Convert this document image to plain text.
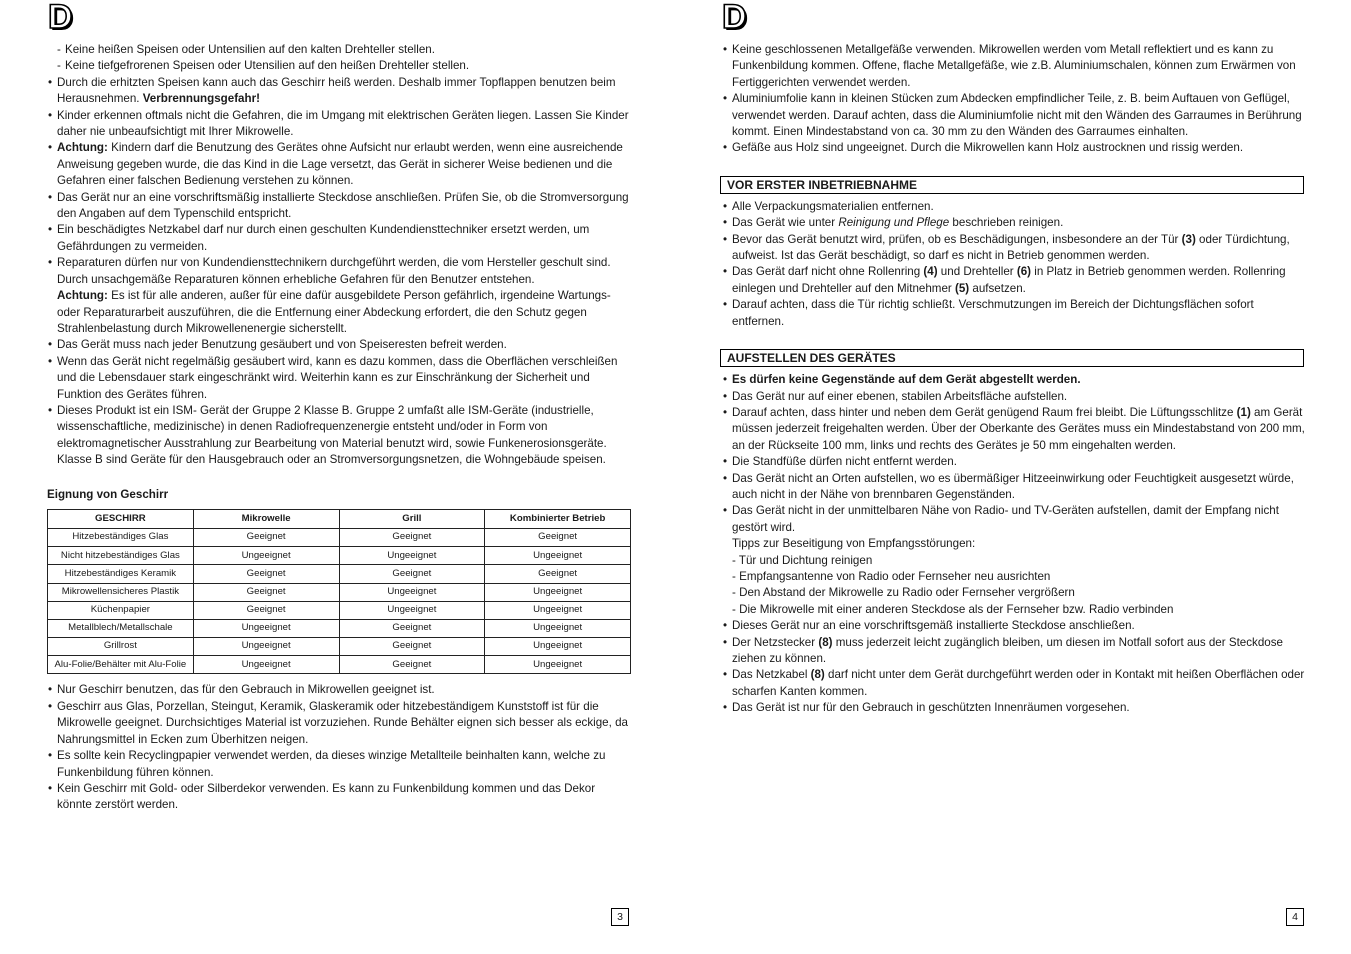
D
- Keine heißen Speisen oder Untensilien auf den kalten Drehteller stellen.
- Keine tiefgefrorenen Speisen oder Utensilien auf den heißen Drehteller stellen.
• Durch die erhitzten Speisen kann auch das Geschirr heiß werden. Deshalb immer Topflappen benutzen beim Herausnehmen. Verbrennungsgefahr!
• Kinder erkennen oftmals nicht die Gefahren, die im Umgang mit elektrischen Geräten liegen. Lassen Sie Kinder daher nie unbeaufsichtigt mit Ihrer Mikrowelle.
• Achtung: Kindern darf die Benutzung des Gerätes ohne Aufsicht nur erlaubt werden, wenn eine ausreichende Anweisung gegeben wurde, die das Kind in die Lage versetzt, das Gerät in sicherer Weise bedienen und die Gefahren einer falschen Bedienung verstehen zu können.
• Das Gerät nur an eine vorschriftsmäßig installierte Steckdose anschließen. Prüfen Sie, ob die Stromversorgung den Angaben auf dem Typenschild entspricht.
• Ein beschädigtes Netzkabel darf nur durch einen geschulten Kundendiensttechniker ersetzt werden, um Gefährdungen zu vermeiden.
• Reparaturen dürfen nur von Kundendiensttechnikern durchgeführt werden, die vom Hersteller geschult sind. Durch unsachgemäße Reparaturen können erhebliche Gefahren für den Benutzer entstehen.
Achtung: Es ist für alle anderen, außer für eine dafür ausgebildete Person gefährlich, irgendeine Wartungs- oder Reparaturarbeit auszuführen, die die Entfernung einer Abdeckung erfordert, die den Schutz gegen Strahlenbelastung durch Mikrowellenenergie sicherstellt.
• Das Gerät muss nach jeder Benutzung gesäubert und von Speiseresten befreit werden.
• Wenn das Gerät nicht regelmäßig gesäubert wird, kann es dazu kommen, dass die Oberflächen verschleißen und die Lebensdauer stark eingeschränkt wird. Weiterhin kann es zur Einschränkung der Sicherheit und Funktion des Gerätes führen.
• Dieses Produkt ist ein ISM- Gerät der Gruppe 2 Klasse B. Gruppe 2 umfaßt alle ISM-Geräte (industrielle, wissenschaftliche, medizinische) in denen Radiofrequenzenergie entsteht und/oder in Form von elektromagnetischer Ausstrahlung zur Bearbeitung von Material benutzt wird, sowie Funkenerosionsgeräte. Klasse B sind Geräte für den Hausgebrauch oder an Stromversorgungsnetzen, die Wohngebäude speisen.
Eignung von Geschirr
GESCHIRR	Mikrowelle	Grill	Kombinierter Betrieb
Hitzebeständiges Glas	Geeignet	Geeignet	Geeignet
Nicht hitzebeständiges Glas	Ungeeignet	Ungeeignet	Ungeeignet
Hitzebeständiges Keramik	Geeignet	Geeignet	Geeignet
Mikrowellensicheres Plastik	Geeignet	Ungeeignet	Ungeeignet
Küchenpapier	Geeignet	Ungeeignet	Ungeeignet
Metallblech/Metallschale	Ungeeignet	Geeignet	Ungeeignet
Grillrost	Ungeeignet	Geeignet	Ungeeignet
Alu-Folie/Behälter mit Alu-Folie	Ungeeignet	Geeignet	Ungeeignet
• Nur Geschirr benutzen, das für den Gebrauch in Mikrowellen geeignet ist.
• Geschirr aus Glas, Porzellan, Steingut, Keramik, Glaskeramik oder hitzebeständigem Kunststoff ist für die Mikrowelle geeignet. Durchsichtiges Material ist vorzuziehen. Runde Behälter eignen sich besser als eckige, da Nahrungsmittel in Ecken zum Überhitzen neigen.
• Es sollte kein Recyclingpapier verwendet werden, da dieses winzige Metallteile beinhalten kann, welche zu Funkenbildung führen können.
• Kein Geschirr mit Gold- oder Silberdekor verwenden. Es kann zu Funkenbildung kommen und das Dekor könnte zerstört werden.
3
D
• Keine geschlossenen Metallgefäße verwenden. Mikrowellen werden vom Metall reflektiert und es kann zu Funkenbildung kommen. Offene, flache Metallgefäße, wie z.B. Aluminiumschalen, können zum Erwärmen von Fertiggerichten verwendet werden.
• Aluminiumfolie kann in kleinen Stücken zum Abdecken empfindlicher Teile, z. B. beim Auftauen von Geflügel, verwendet werden. Darauf achten, dass die Aluminiumfolie nicht mit den Wänden des Garraumes in Berührung kommt. Einen Mindestabstand von ca. 30 mm zu den Wänden des Garraumes einhalten.
• Gefäße aus Holz sind ungeeignet. Durch die Mikrowellen kann Holz austrocknen und rissig werden.
VOR ERSTER INBETRIEBNAHME
• Alle Verpackungsmaterialien entfernen.
• Das Gerät wie unter Reinigung und Pflege beschrieben reinigen.
• Bevor das Gerät benutzt wird, prüfen, ob es Beschädigungen, insbesondere an der Tür (3) oder Türdichtung, aufweist. Ist das Gerät beschädigt, so darf es nicht in Betrieb genommen werden.
• Das Gerät darf nicht ohne Rollenring (4) und Drehteller (6) in Platz in Betrieb genommen werden. Rollenring einlegen und Drehteller auf den Mitnehmer (5) aufsetzen.
• Darauf achten, dass die Tür richtig schließt. Verschmutzungen im Bereich der Dichtungsflächen sofort entfernen.
AUFSTELLEN DES GERÄTES
• Es dürfen keine Gegenstände auf dem Gerät abgestellt werden.
• Das Gerät nur auf einer ebenen, stabilen Arbeitsfläche aufstellen.
• Darauf achten, dass hinter und neben dem Gerät genügend Raum frei bleibt. Die Lüftungsschlitze (1) am Gerät müssen jederzeit freigehalten werden. Über der Oberkante des Gerätes muss ein Mindestabstand von 200 mm, an der Rückseite 100 mm, links und rechts des Gerätes je 50 mm eingehalten werden.
• Die Standfüße dürfen nicht entfernt werden.
• Das Gerät nicht an Orten aufstellen, wo es übermäßiger Hitzeeinwirkung oder Feuchtigkeit ausgesetzt würde, auch nicht in der Nähe von brennbaren Gegenständen.
• Das Gerät nicht in der unmittelbaren Nähe von Radio- und TV-Geräten aufstellen, damit der Empfang nicht gestört wird.
Tipps zur Beseitigung von Empfangsstörungen:
- Tür und Dichtung reinigen
- Empfangsantenne von Radio oder Fernseher neu ausrichten
- Den Abstand der Mikrowelle zu Radio oder Fernseher vergrößern
- Die Mikrowelle mit einer anderen Steckdose als der Fernseher bzw. Radio verbinden
• Dieses Gerät nur an eine vorschriftsgemäß installierte Steckdose anschließen.
• Der Netzstecker (8) muss jederzeit leicht zugänglich bleiben, um diesen im Notfall sofort aus der Steckdose ziehen zu können.
• Das Netzkabel (8) darf nicht unter dem Gerät durchgeführt werden oder in Kontakt mit heißen Oberflächen oder scharfen Kanten kommen.
• Das Gerät ist nur für den Gebrauch in geschützten Innenräumen vorgesehen.
4
